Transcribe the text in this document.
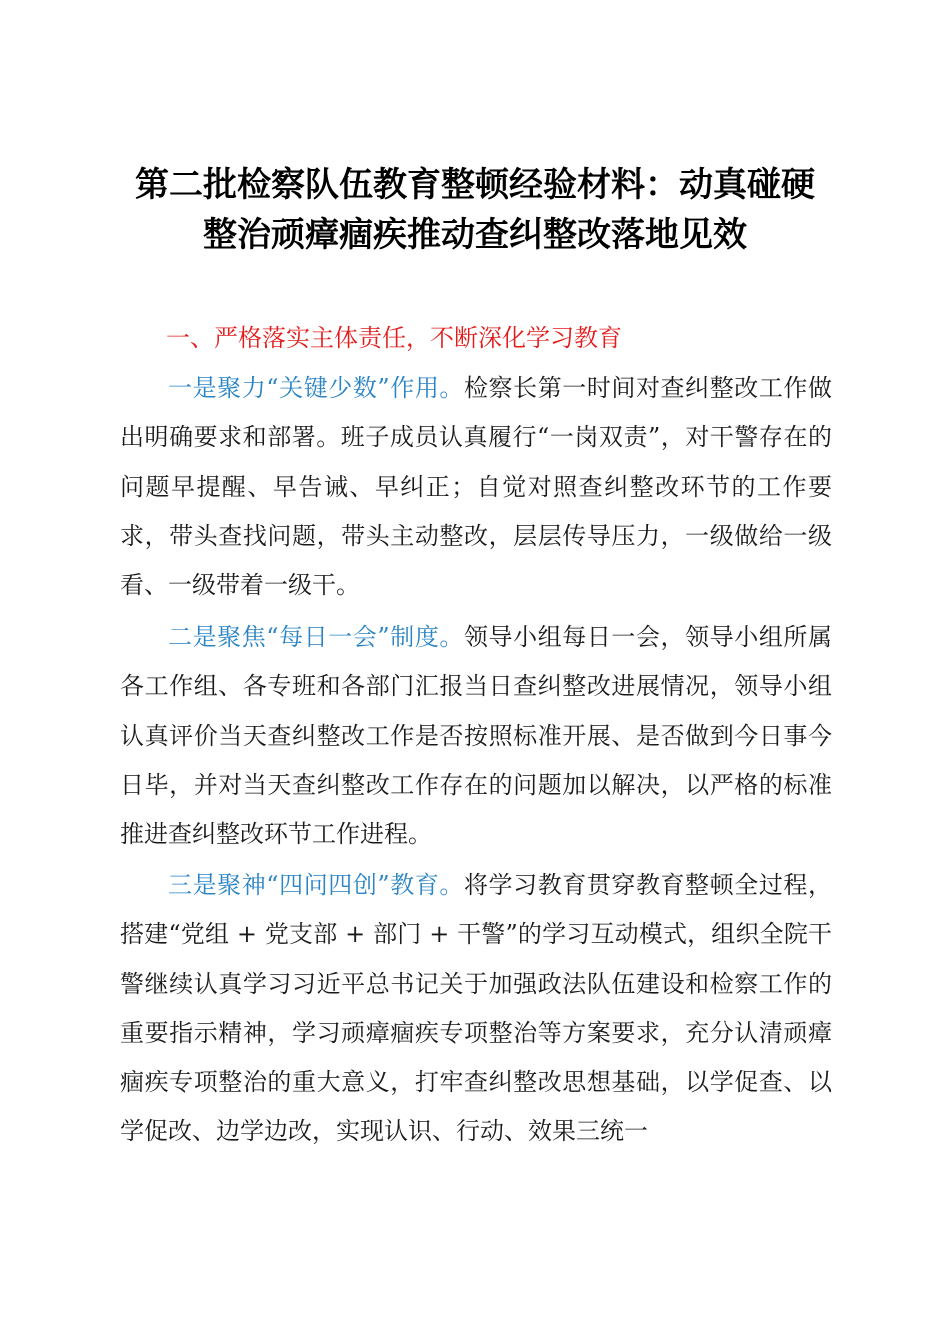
第二批检察队伍教育整顿经验材料：动真碰硬
整治顽瘴痼疾推动查纠整改落地见效
一、严格落实主体责任，不断深化学习教育

一是聚力“关键少数”作用。检察长第一时间对查纠整改工作做出明确要求和部署。班子成员认真履行“一岗双责”，对干警存在的问题早提醒、早告诫、早纠正；自觉对照查纠整改环节的工作要求，带头查找问题，带头主动整改，层层传导压力，一级做给一级看、一级带着一级干。

二是聚焦“每日一会”制度。领导小组每日一会，领导小组所属各工作组、各专班和各部门汇报当日查纠整改进展情况，领导小组认真评价当天查纠整改工作是否按照标准开展、是否做到今日事今日毕，并对当天查纠整改工作存在的问题加以解决，以严格的标准推进查纠整改环节工作进程。

三是聚神“四问四创”教育。将学习教育贯穿教育整顿全过程，搭建“党组 + 党支部 + 部门 + 干警”的学习互动模式，组织全院干警继续认真学习习近平总书记关于加强政法队伍建设和检察工作的重要指示精神，学习顽瘴痼疾专项整治等方案要求，充分认清顽瘴痼疾专项整治的重大意义，打牢查纠整改思想基础，以学促查、以学促改、边学边改，实现认识、行动、效果三统一
